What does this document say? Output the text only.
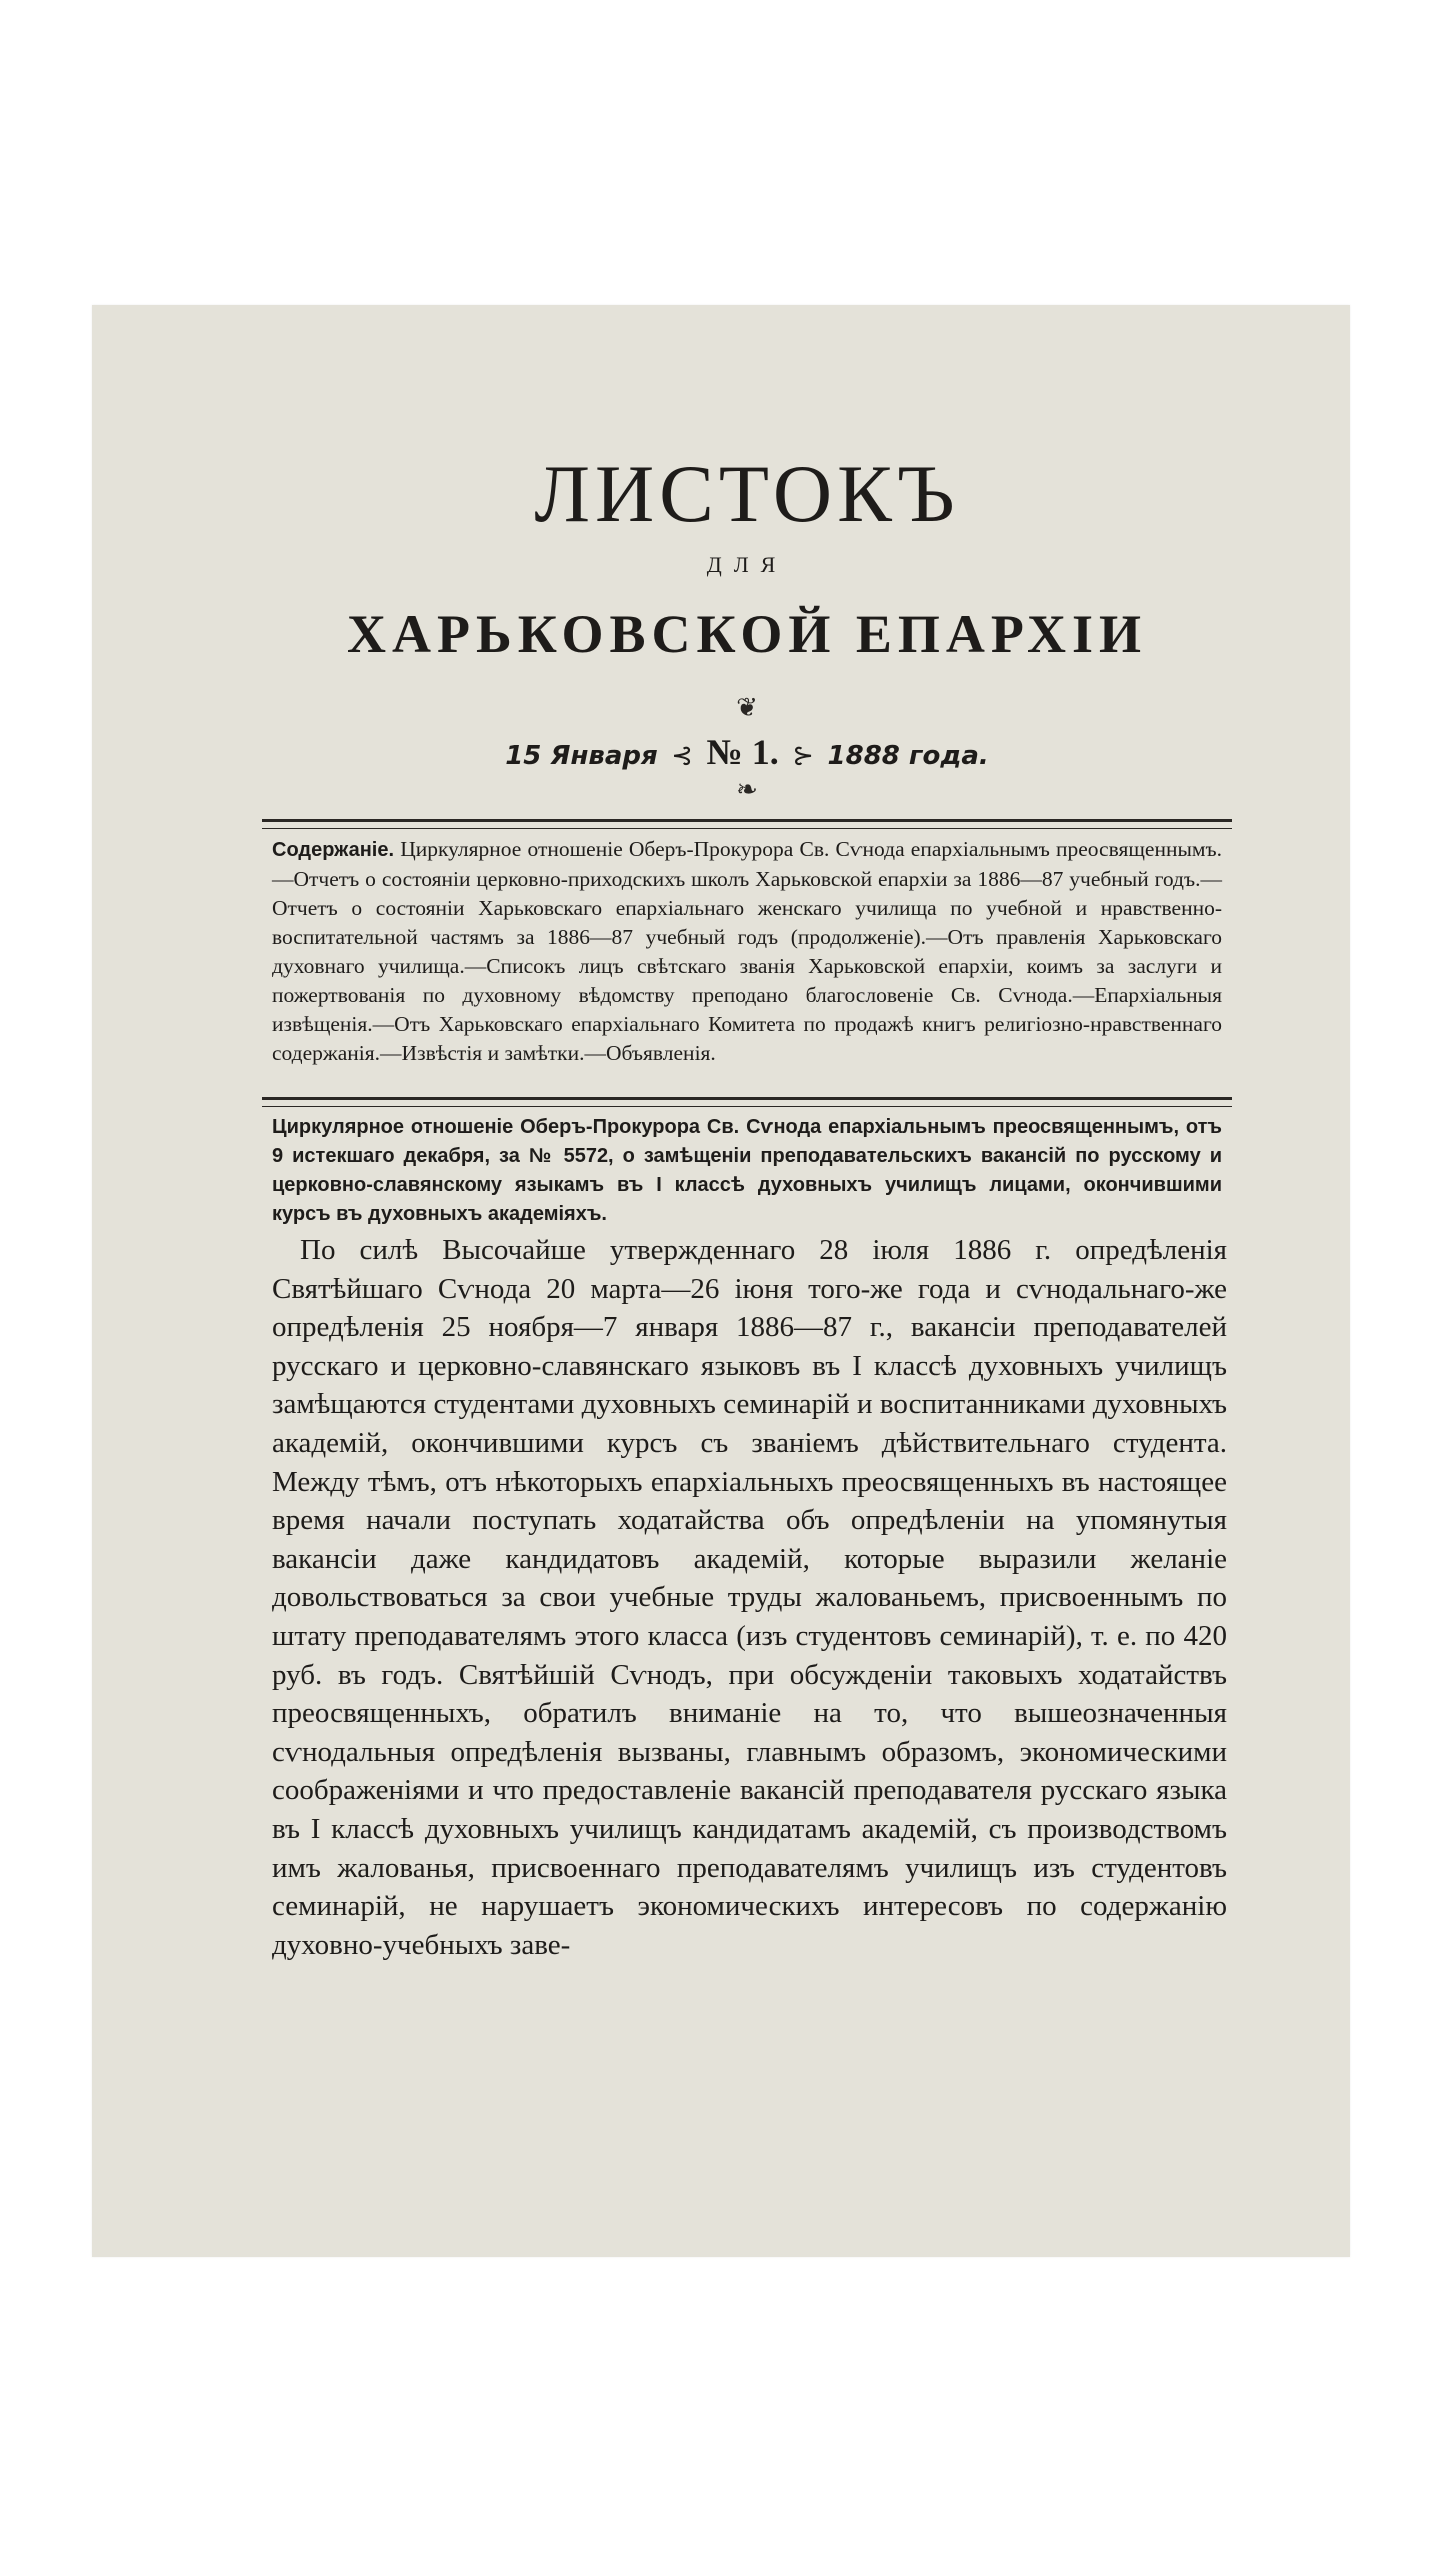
ЛИСТОКЪ
ДЛЯ
ХАРЬКОВСКОЙ ЕПАРХІИ
❦
15 Января ⊰ № 1. ⊱ 1888 года.
❧
Содержаніе. Циркулярное отношеніе Оберъ-Прокурора Св. Сѵнода епархіальнымъ преосвященнымъ.—Отчетъ о состояніи церковно-приходскихъ школъ Харьковской епархіи за 1886—87 учебный годъ.—Отчетъ о состояніи Харьковскаго епархіальнаго женскаго училища по учебной и нравственно-воспитательной частямъ за 1886—87 учебный годъ (продолженіе).—Отъ правленія Харьковскаго духовнаго училища.—Списокъ лицъ свѣтскаго званія Харьковской епархіи, коимъ за заслуги и пожертвованія по духовному вѣдомству преподано благословеніе Св. Сѵнода.—Епархіальныя извѣщенія.—Отъ Харьковскаго епархіальнаго Комитета по продажѣ книгъ религіозно-нравственнаго содержанія.—Извѣстія и замѣтки.—Объявленія.
Циркулярное отношеніе Оберъ-Прокурора Св. Сѵнода епархіальнымъ преосвященнымъ, отъ 9 истекшаго декабря, за № 5572, о замѣщеніи преподавательскихъ вакансій по русскому и церковно-славянскому языкамъ въ I классѣ духовныхъ училищъ лицами, окончившими курсъ въ духовныхъ академіяхъ.
По силѣ Высочайше утвержденнаго 28 іюля 1886 г. опредѣленія Святѣйшаго Сѵнода 20 марта—26 іюня того-же года и сѵнодальнаго-же опредѣленія 25 ноября—7 января 1886—87 г., вакансіи преподавателей русскаго и церковно-славянскаго языковъ въ I классѣ духовныхъ училищъ замѣщаются студентами духовныхъ семинарій и воспитанниками духовныхъ академій, окончившими курсъ съ званіемъ дѣйствительнаго студента. Между тѣмъ, отъ нѣкоторыхъ епархіальныхъ преосвященныхъ въ настоящее время начали поступать ходатайства объ опредѣленіи на упомянутыя вакансіи даже кандидатовъ академій, которые выразили желаніе довольствоваться за свои учебные труды жалованьемъ, присвоеннымъ по штату преподавателямъ этого класса (изъ студентовъ семинарій), т. е. по 420 руб. въ годъ. Святѣйшій Сѵнодъ, при обсужденіи таковыхъ ходатайствъ преосвященныхъ, обратилъ вниманіе на то, что вышеозначенныя сѵнодальныя опредѣленія вызваны, главнымъ образомъ, экономическими соображеніями и что предоставленіе вакансій преподавателя русскаго языка въ I классѣ духовныхъ училищъ кандидатамъ академій, съ производствомъ имъ жалованья, присвоеннаго преподавателямъ училищъ изъ студентовъ семинарій, не нарушаетъ экономическихъ интересовъ по содержанію духовно-учебныхъ заве-
